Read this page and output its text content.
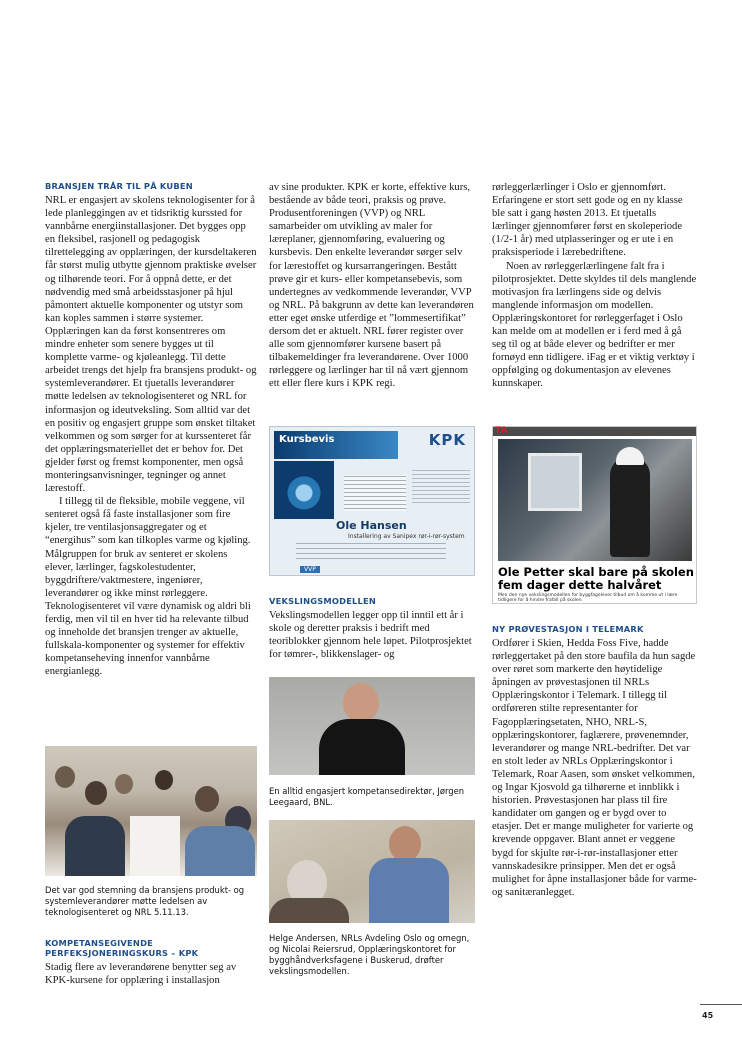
BRANSJEN TRÅR TIL PÅ KUBEN

NRL er engasjert av skolens teknologisenter for å lede planleggingen av et tidsriktig kurssted for vannbårne energiinstallasjoner. Det bygges opp en fleksibel, rasjonell og pedagogisk tilrettelegging av opplæringen, der kursdeltakeren får størst mulig utbytte gjennom praktiske øvelser og tilhørende teori. For å oppnå dette, er det nødvendig med små arbeidsstasjoner på hjul påmontert aktuelle komponenter og utstyr som kan koples sammen i større systemer. Opplæringen kan da først konsentreres om mindre enheter som senere bygges ut til komplette varme- og kjøleanlegg. Til dette arbeidet trengs det hjelp fra bransjens produkt- og systemleverandører. Et tjuetalls leverandører møtte ledelsen av teknologisenteret og NRL for informasjon og ideutveksling. Som alltid var det en positiv og engasjert gruppe som ønsket tiltaket velkommen og som sørger for at kurssenteret får det opplæringsmateriellet det er behov for. Det gjelder først og fremst komponenter, men også monteringsanvisninger, tegninger og annet lærestoff.

I tillegg til de fleksible, mobile veggene, vil senteret også få faste installasjoner som fire kjeler, tre ventilasjonsaggregater og et “energihus” som kan tilkoples varme og kjøling. Målgruppen for bruk av senteret er skolens elever, lærlinger, fagskolestudenter, byggdriftere/vaktmestere, ingeniører, leverandører og ikke minst rørleggere. Teknologisenteret vil være dynamisk og aldri bli ferdig, men vil til en hver tid ha relevante tilbud og inneholde det bransjen trenger av aktuelle, fullskala-komponenter og systemer for effektiv kompetanseheving innenfor vannbårne energianlegg.

Det var god stemning da bransjens produkt- og systemleverandører møtte ledelsen av teknologisenteret og NRL 5.11.13.
KOMPETANSEGIVENDE PERFEKSJONERINGSKURS – KPK
Stadig flere av leverandørene benytter seg av KPK-kursene for opplæring i installasjon
av sine produkter. KPK er korte, effektive kurs, bestående av både teori, praksis og prøve. Produsentforeningen (VVP) og NRL samarbeider om utvikling av maler for læreplaner, gjennomføring, evaluering og kursbevis. Den enkelte leverandør sørger selv for lærestoffet og kursarrangeringen. Bestått prøve gir et kurs- eller kompetansebevis, som undertegnes av vedkommende leverandør, VVP og NRL. På bakgrunn av dette kan leverandøren etter eget ønske utferdige et ”lommesertifikat” dersom det er aktuelt. NRL fører register over alle som gjennomfører kursene basert på tilbakemeldinger fra leverandørene. Over 1000 rørleggere og lærlinger har til nå vært gjennom ett eller flere kurs i KPK regi.
Kursbevis	KPK
Ole Hansen
Installering av Sanipex rør-i-rør-system
VVP
VEKSLINGSMODELLEN
Vekslingsmodellen legger opp til inntil ett år i skole og deretter praksis i bedrift med teoriblokker gjennom hele løpet. Pilotprosjektet for tømrer-, blikkenslager- og
En alltid engasjert kompetansedirektør, Jørgen Leegaard, BNL.
Helge Andersen, NRLs Avdeling Oslo og omegn, og Nicolai Reiersrud, Opplæringskontoret for bygghåndverksfagene i Buskerud, drøfter vekslingsmodellen.

rørleggerlærlinger i Oslo er gjennomført. Erfaringene er stort sett gode og en ny klasse ble satt i gang høsten 2013. Et tjuetalls lærlinger gjennomfører først en skoleperiode (1/2-1 år) med utplasseringer og er ute i en praksisperiode i lærebedriftene.

Noen av rørleggerlærlingene falt fra i pilotprosjektet. Dette skyldes til dels manglende motivasjon fra lærlingens side og delvis manglende informasjon om modellen. Opplæringskontoret for rørleggerfaget i Oslo kan melde om at modellen er i ferd med å gå seg til og at både elever og bedrifter er mer fornøyd enn tidligere. iFag er et viktig verktøy i oppfølging og dokumentasjon av elevenes kunnskaper.

TA
Ole Petter skal bare på skolen fem dager dette halvåret
Men den nye vekslingsmodellen for byggfagelever tilbud om å komme ut i lære tidligere for å hindre frafall på skolen.
NY PRØVESTASJON I TELEMARK
Ordfører i Skien, Hedda Foss Five, hadde rørleggertaket på den store baufila da hun sagde over røret som markerte den høytidelige åpningen av prøvestasjonen til NRLs Opplæringskontor i Telemark. I tillegg til ordføreren stilte representanter for Fagopplæringsetaten, NHO, NRL-S, opplæringskontorer, faglærere, prøvenemnder, leverandører og mange NRL-bedrifter. Det var en stolt leder av NRLs Opplæringskontor i Telemark, Roar Aasen, som ønsket velkommen, og Ingar Kjosvold ga tilhørerne et innblikk i historien. Prøvestasjonen har plass til fire kandidater om gangen og er bygd over to etasjer. Det er mange muligheter for varierte og krevende oppgaver. Blant annet er veggene bygd for skjulte rør-i-rør-installasjoner etter vannskadesikre prinsipper. Men det er også mulighet for åpne installasjoner både for varme- og sanitæranlegget.
45
